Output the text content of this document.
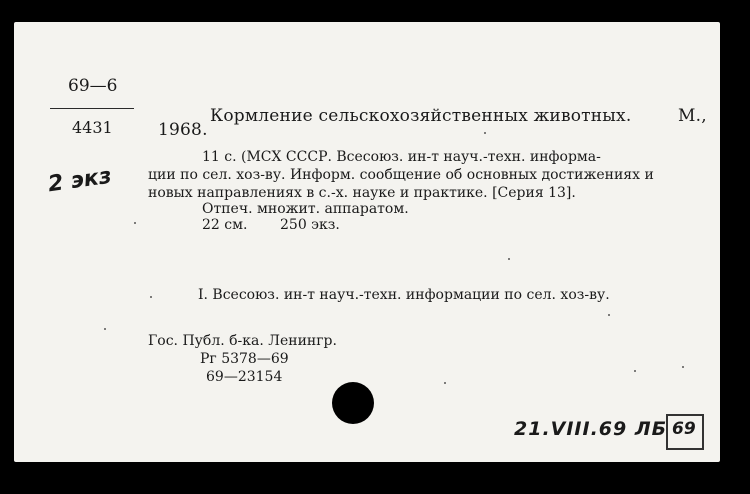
69—6
4431
2 экз
1968.
Кормление сельскохозяйственных животных.	М.,
11 с. (МСХ СССР. Всесоюз. ин-т науч.-техн. информа-
ции по сел. хоз-ву. Информ. сообщение об основных достижениях и
новых направлениях в с.-х. науке и практике. [Серия 13].
Отпеч. множит. аппаратом.
22 см. 250 экз.
I. Всесоюз. ин-т науч.-техн. информации по сел. хоз-ву.
Гос. Публ. б-ка. Ленингр.
Рг 5378—69
69—23154
21.VIII.69 ЛБ 69
